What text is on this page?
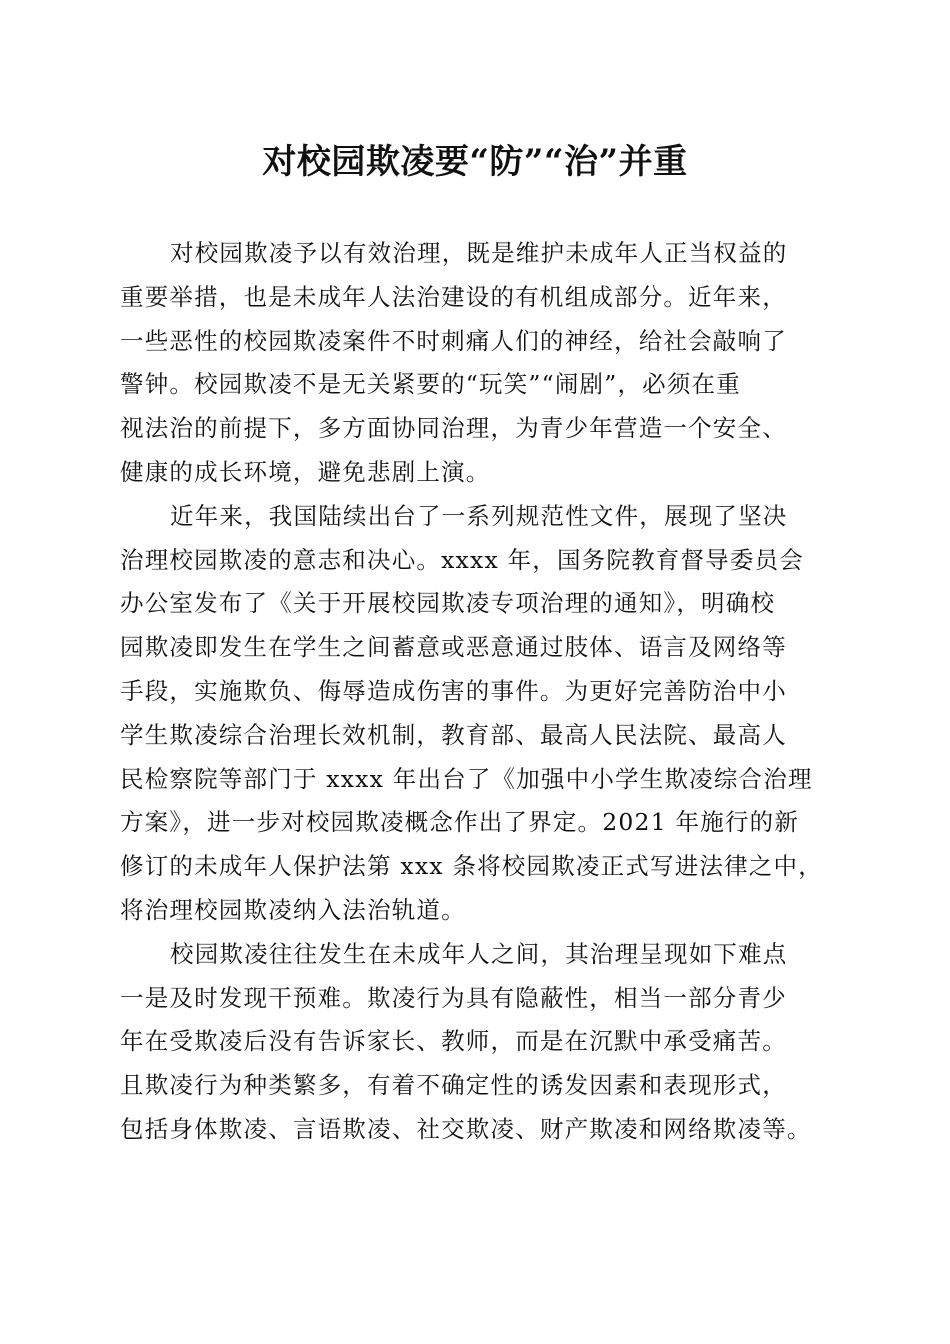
对校园欺凌要“防”“治”并重
对校园欺凌予以有效治理，既是维护未成年人正当权益的
重要举措，也是未成年人法治建设的有机组成部分。近年来，
一些恶性的校园欺凌案件不时刺痛人们的神经，给社会敲响了
警钟。校园欺凌不是无关紧要的“玩笑”“闹剧”，必须在重
视法治的前提下，多方面协同治理，为青少年营造一个安全、
健康的成长环境，避免悲剧上演。
近年来，我国陆续出台了一系列规范性文件，展现了坚决
治理校园欺凌的意志和决心。xxxx 年，国务院教育督导委员会
办公室发布了《关于开展校园欺凌专项治理的通知》，明确校
园欺凌即发生在学生之间蓄意或恶意通过肢体、语言及网络等
手段，实施欺负、侮辱造成伤害的事件。为更好完善防治中小
学生欺凌综合治理长效机制，教育部、最高人民法院、最高人
民检察院等部门于 xxxx 年出台了《加强中小学生欺凌综合治理
方案》，进一步对校园欺凌概念作出了界定。2021 年施行的新
修订的未成年人保护法第 xxx 条将校园欺凌正式写进法律之中，
将治理校园欺凌纳入法治轨道。
校园欺凌往往发生在未成年人之间，其治理呈现如下难点
一是及时发现干预难。欺凌行为具有隐蔽性，相当一部分青少
年在受欺凌后没有告诉家长、教师，而是在沉默中承受痛苦。
且欺凌行为种类繁多，有着不确定性的诱发因素和表现形式，
包括身体欺凌、言语欺凌、社交欺凌、财产欺凌和网络欺凌等。
